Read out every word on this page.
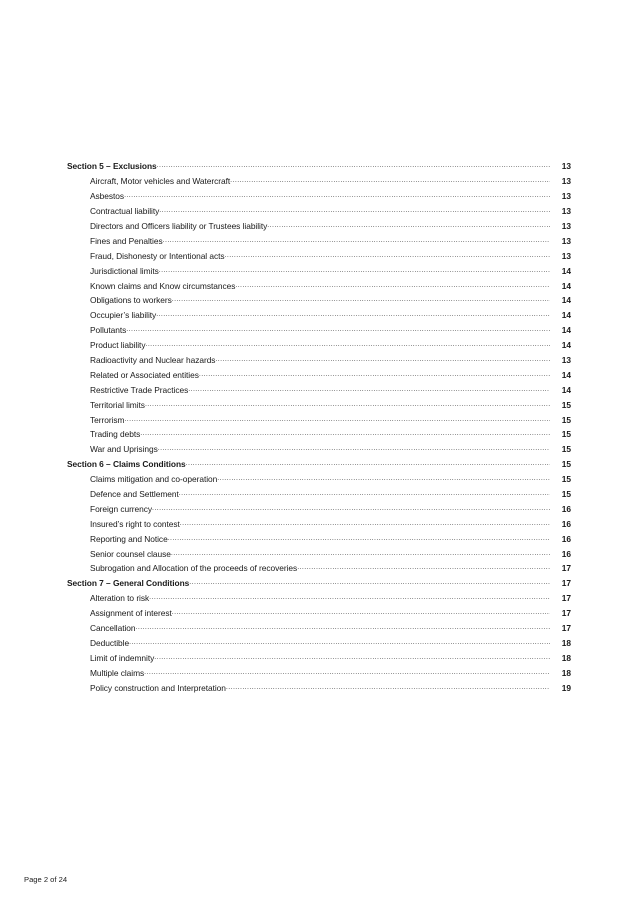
Section 5 – Exclusions .....	13
Aircraft, Motor vehicles and Watercraft .....	13
Asbestos .....	13
Contractual liability .....	13
Directors and Officers liability or Trustees liability .....	13
Fines and Penalties .....	13
Fraud, Dishonesty or Intentional acts .....	13
Jurisdictional limits .....	14
Known claims and Know circumstances .....	14
Obligations to workers .....	14
Occupier’s liability .....	14
Pollutants .....	14
Product liability .....	14
Radioactivity and Nuclear hazards .....	13
Related or Associated entities .....	14
Restrictive Trade Practices .....	14
Territorial limits .....	15
Terrorism .....	15
Trading debts .....	15
War and Uprisings .....	15
Section 6 – Claims Conditions .....	15
Claims mitigation and co-operation .....	15
Defence and Settlement .....	15
Foreign currency .....	16
Insured’s right to contest .....	16
Reporting and Notice .....	16
Senior counsel clause .....	16
Subrogation and Allocation of the proceeds of recoveries .....	17
Section 7 – General Conditions .....	17
Alteration to risk .....	17
Assignment of interest .....	17
Cancellation .....	17
Deductible .....	18
Limit of indemnity .....	18
Multiple claims .....	18
Policy construction and Interpretation .....	19
Page 2 of 24
